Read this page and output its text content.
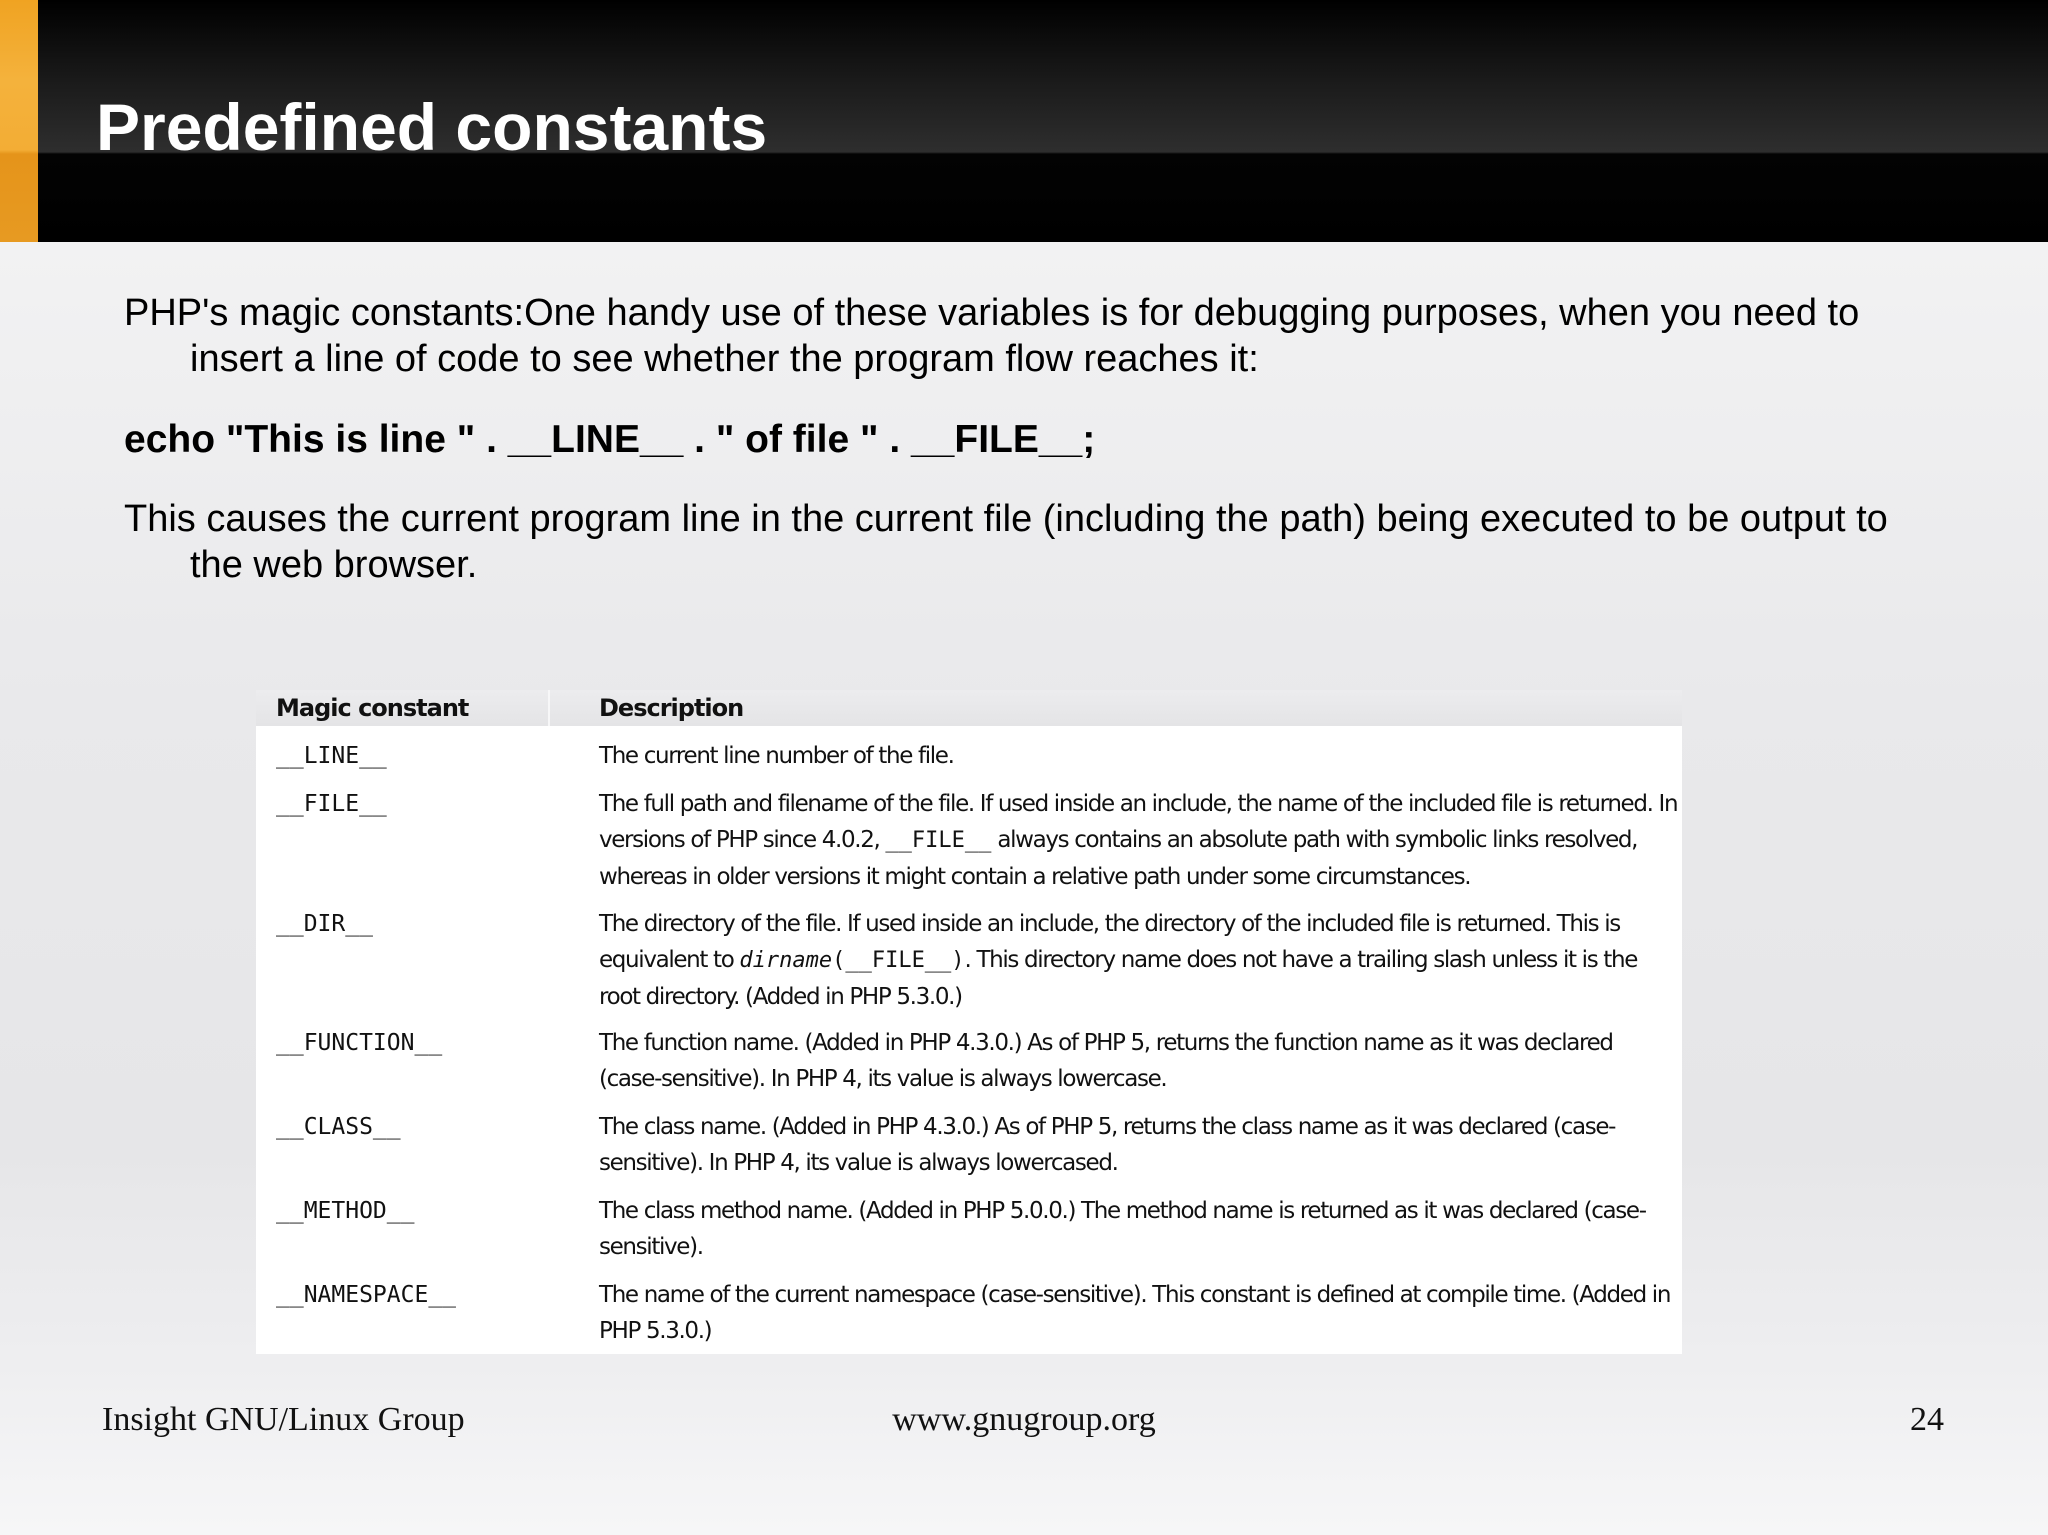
Predefined constants

PHP's magic constants:One handy use of these variables is for debugging purposes, when you need to insert a line of code to see whether the program flow reaches it:

echo "This is line " . __LINE__ . " of file " . __FILE__;

This causes the current program line in the current file (including the path) being executed to be output to the web browser.

Magic constant	Description
__LINE__	The current line number of the file.
__FILE__	The full path and filename of the file. If used inside an include, the name of the included file is returned. In versions of PHP since 4.0.2, __FILE__ always contains an absolute path with symbolic links resolved, whereas in older versions it might contain a relative path under some circumstances.
__DIR__	The directory of the file. If used inside an include, the directory of the included file is returned. This is equivalent to dirname(__FILE__). This directory name does not have a trailing slash unless it is the root directory. (Added in PHP 5.3.0.)
__FUNCTION__	The function name. (Added in PHP 4.3.0.) As of PHP 5, returns the function name as it was declared (case-sensitive). In PHP 4, its value is always lowercase.
__CLASS__	The class name. (Added in PHP 4.3.0.) As of PHP 5, returns the class name as it was declared (case-sensitive). In PHP 4, its value is always lowercased.
__METHOD__	The class method name. (Added in PHP 5.0.0.) The method name is returned as it was declared (case-sensitive).
__NAMESPACE__	The name of the current namespace (case-sensitive). This constant is defined at compile time. (Added in PHP 5.3.0.)
Insight GNU/Linux Group	www.gnugroup.org	24
